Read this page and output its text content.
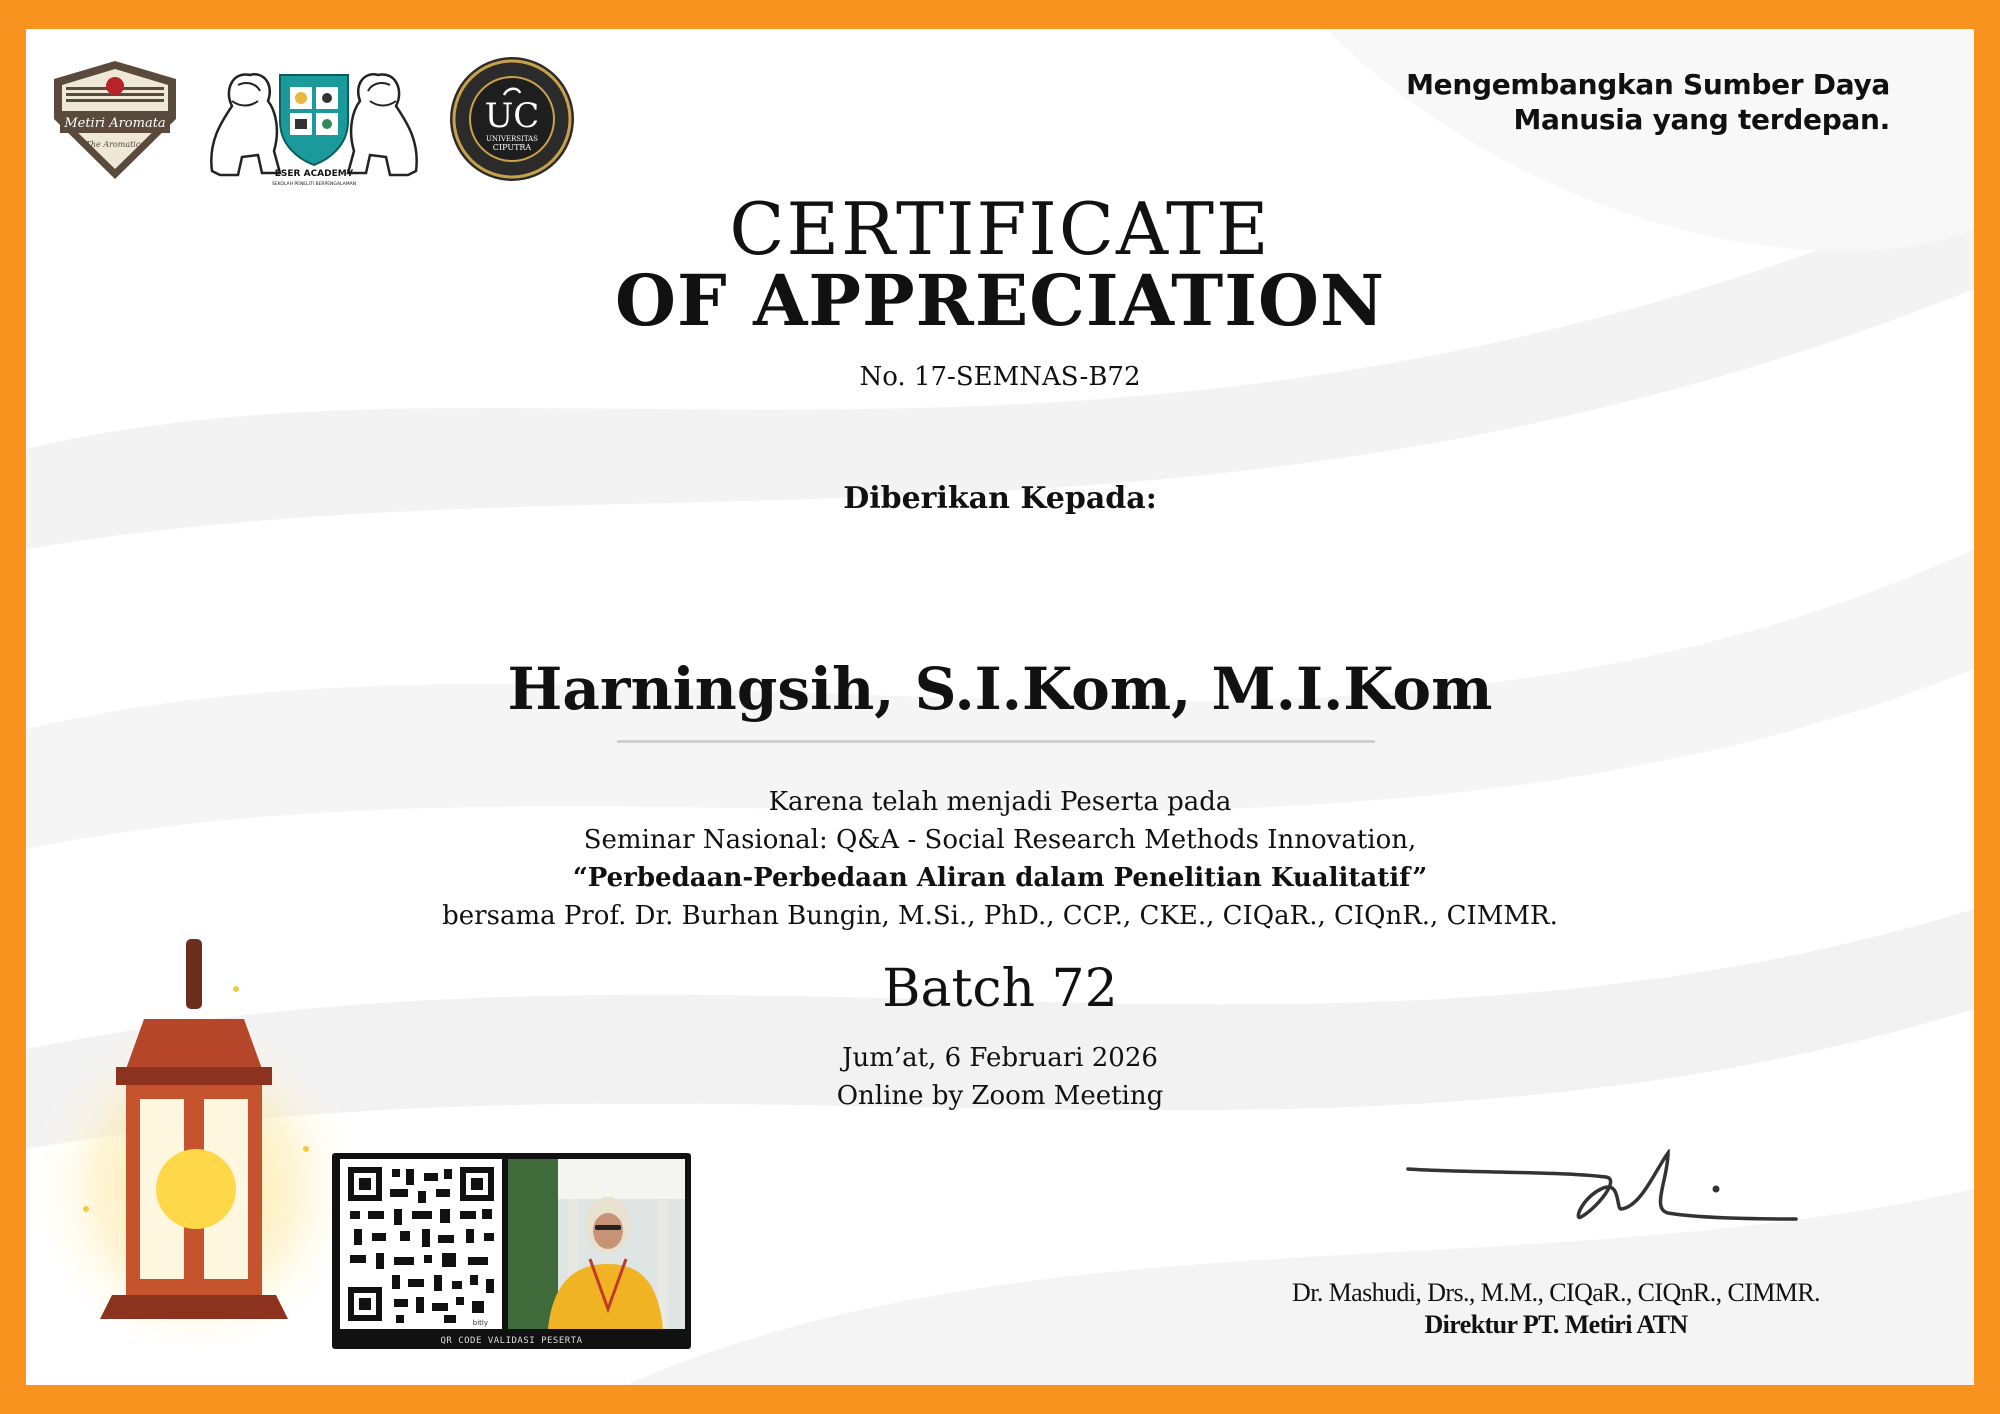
Metiri Aromata
The Aromatics
ESER ACADEMY
SEKOLAH PENELITI BERPENGALAMAN
UC
UNIVERSITAS
CIPUTRA
Mengembangkan Sumber Daya
Manusia yang terdepan.
CERTIFICATE
OF APPRECIATION
No. 17-SEMNAS-B72
Diberikan Kepada:
Harningsih, S.I.Kom, M.I.Kom
Karena telah menjadi Peserta pada
Seminar Nasional: Q&A - Social Research Methods Innovation,
“Perbedaan-Perbedaan Aliran dalam Penelitian Kualitatif”
bersama Prof. Dr. Burhan Bungin, M.Si., PhD., CCP., CKE., CIQaR., CIQnR., CIMMR.
Batch 72
Jum’at, 6 Februari 2026
Online by Zoom Meeting
bitly
QR CODE VALIDASI PESERTA
Dr. Mashudi, Drs., M.M., CIQaR., CIQnR., CIMMR.
Direktur PT. Metiri ATN
